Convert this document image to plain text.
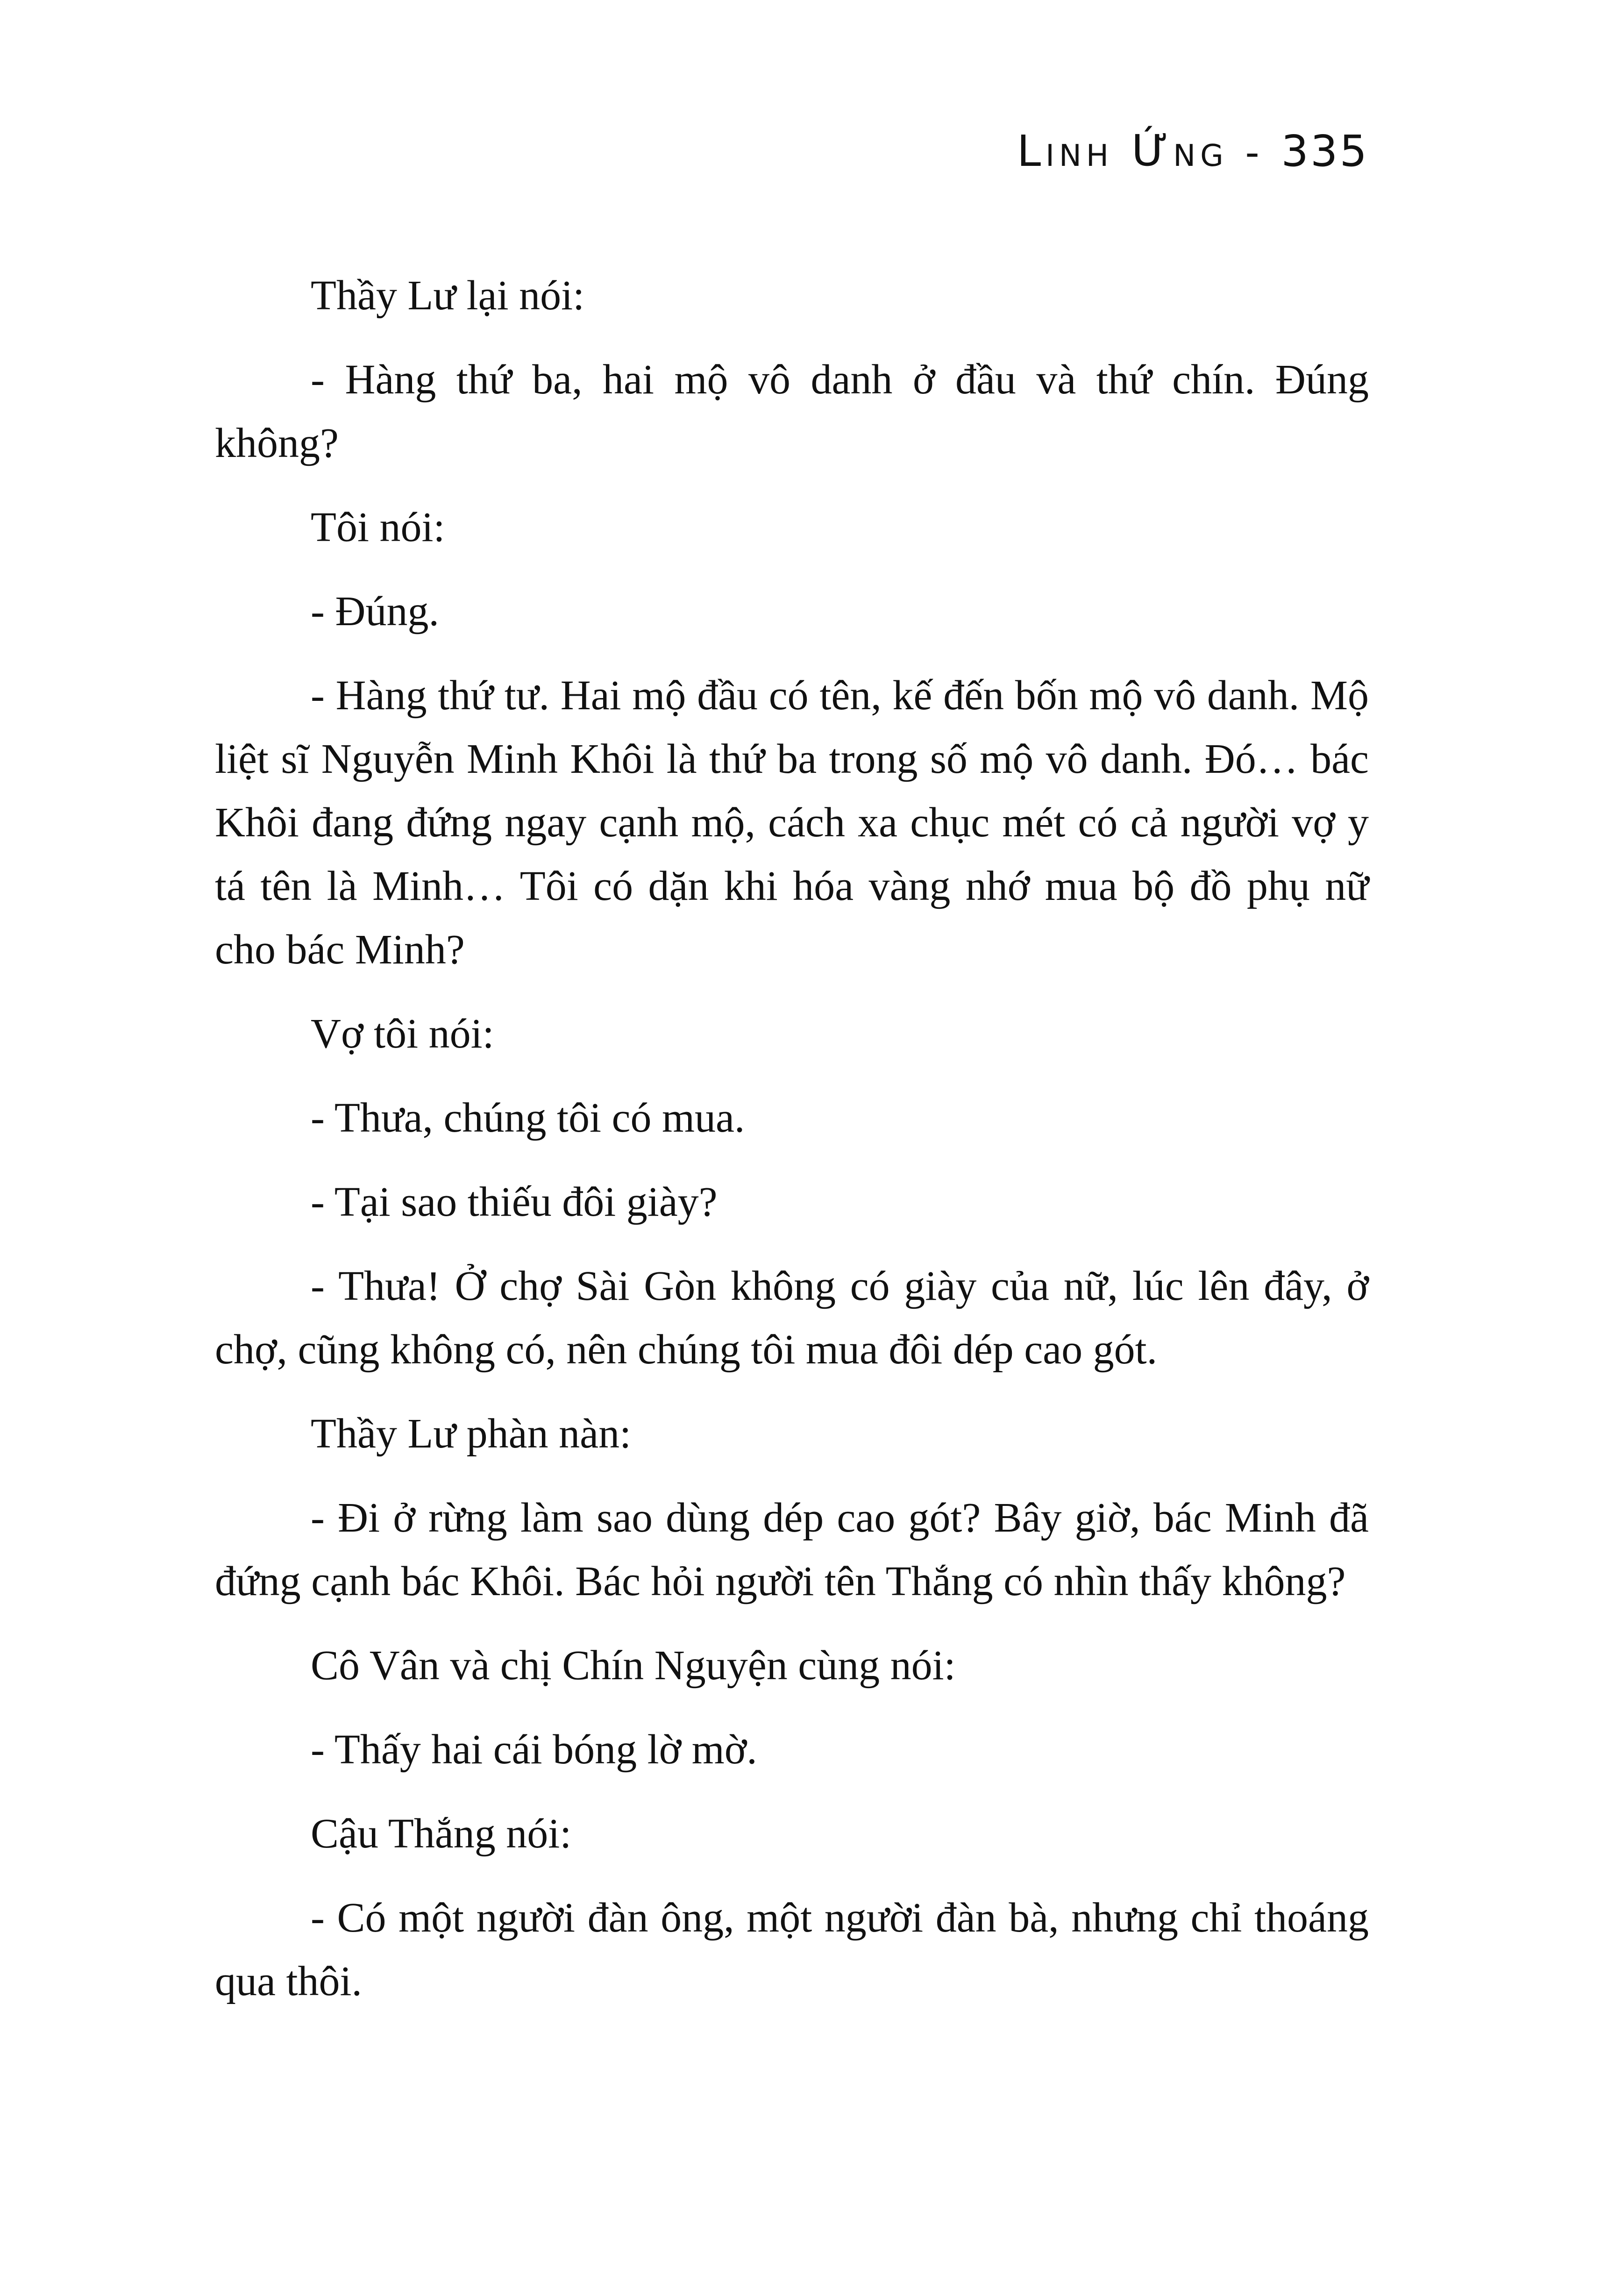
Linh Ứng - 335

Thầy Lư lại nói:

- Hàng thứ ba, hai mộ vô danh ở đầu và thứ chín. Đúng không?

Tôi nói:

- Đúng.

- Hàng thứ tư. Hai mộ đầu có tên, kế đến bốn mộ vô danh. Mộ liệt sĩ Nguyễn Minh Khôi là thứ ba trong số mộ vô danh. Đó… bác Khôi đang đứng ngay cạnh mộ, cách xa chục mét có cả người vợ y tá tên là Minh… Tôi có dặn khi hóa vàng nhớ mua bộ đồ phụ nữ cho bác Minh?

Vợ tôi nói:

- Thưa, chúng tôi có mua.

- Tại sao thiếu đôi giày?

- Thưa! Ở chợ Sài Gòn không có giày của nữ, lúc lên đây, ở chợ, cũng không có, nên chúng tôi mua đôi dép cao gót.

Thầy Lư phàn nàn:

- Đi ở rừng làm sao dùng dép cao gót? Bây giờ, bác Minh đã đứng cạnh bác Khôi. Bác hỏi người tên Thắng có nhìn thấy không?

Cô Vân và chị Chín Nguyện cùng nói:

- Thấy hai cái bóng lờ mờ.

Cậu Thắng nói:

- Có một người đàn ông, một người đàn bà, nhưng chỉ thoáng qua thôi.
